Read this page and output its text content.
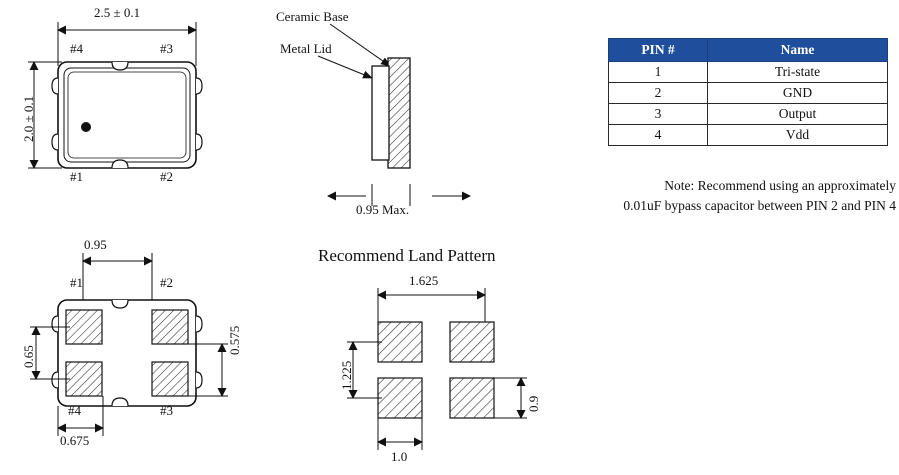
2.5 ± 0.1
2.0 ± 0.1
#4	#3
#1	#2
Ceramic Base
Metal Lid
0.95 Max.
0.95
0.65
0.575
0.675
#1	#2
#4	#3
Recommend Land Pattern
1.625
1.225
0.9
1.0
PIN #	Name
1	Tri-state
2	GND
3	Output
4	Vdd
Note: Recommend using an approximately
0.01uF bypass capacitor between PIN 2 and PIN 4
